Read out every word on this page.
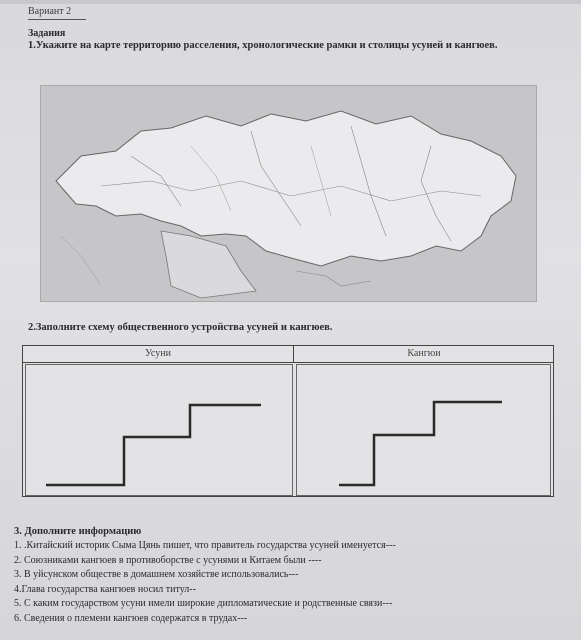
Вариант 2
Задания
1.Укажите на карте территорию расселения, хронологические рамки и столицы усуней и кангюев.
2.Заполните схему общественного устройства усуней и кангюев.
Усуни	Кангюи
3. Дополните информацию
1. .Китайский историк Сыма Цянь пишет, что правитель государства усуней именуется---
2. Союзниками кангюев в противоборстве с усунями и Китаем были ----
3. В уйсунском обществе в домашнем хозяйстве использовались---
4.Глава государства кангюев носил титул--
5. С каким государством усуни имели широкие дипломатические и родственные связи---
6. Сведения о племени кангюев содержатся в трудах---
